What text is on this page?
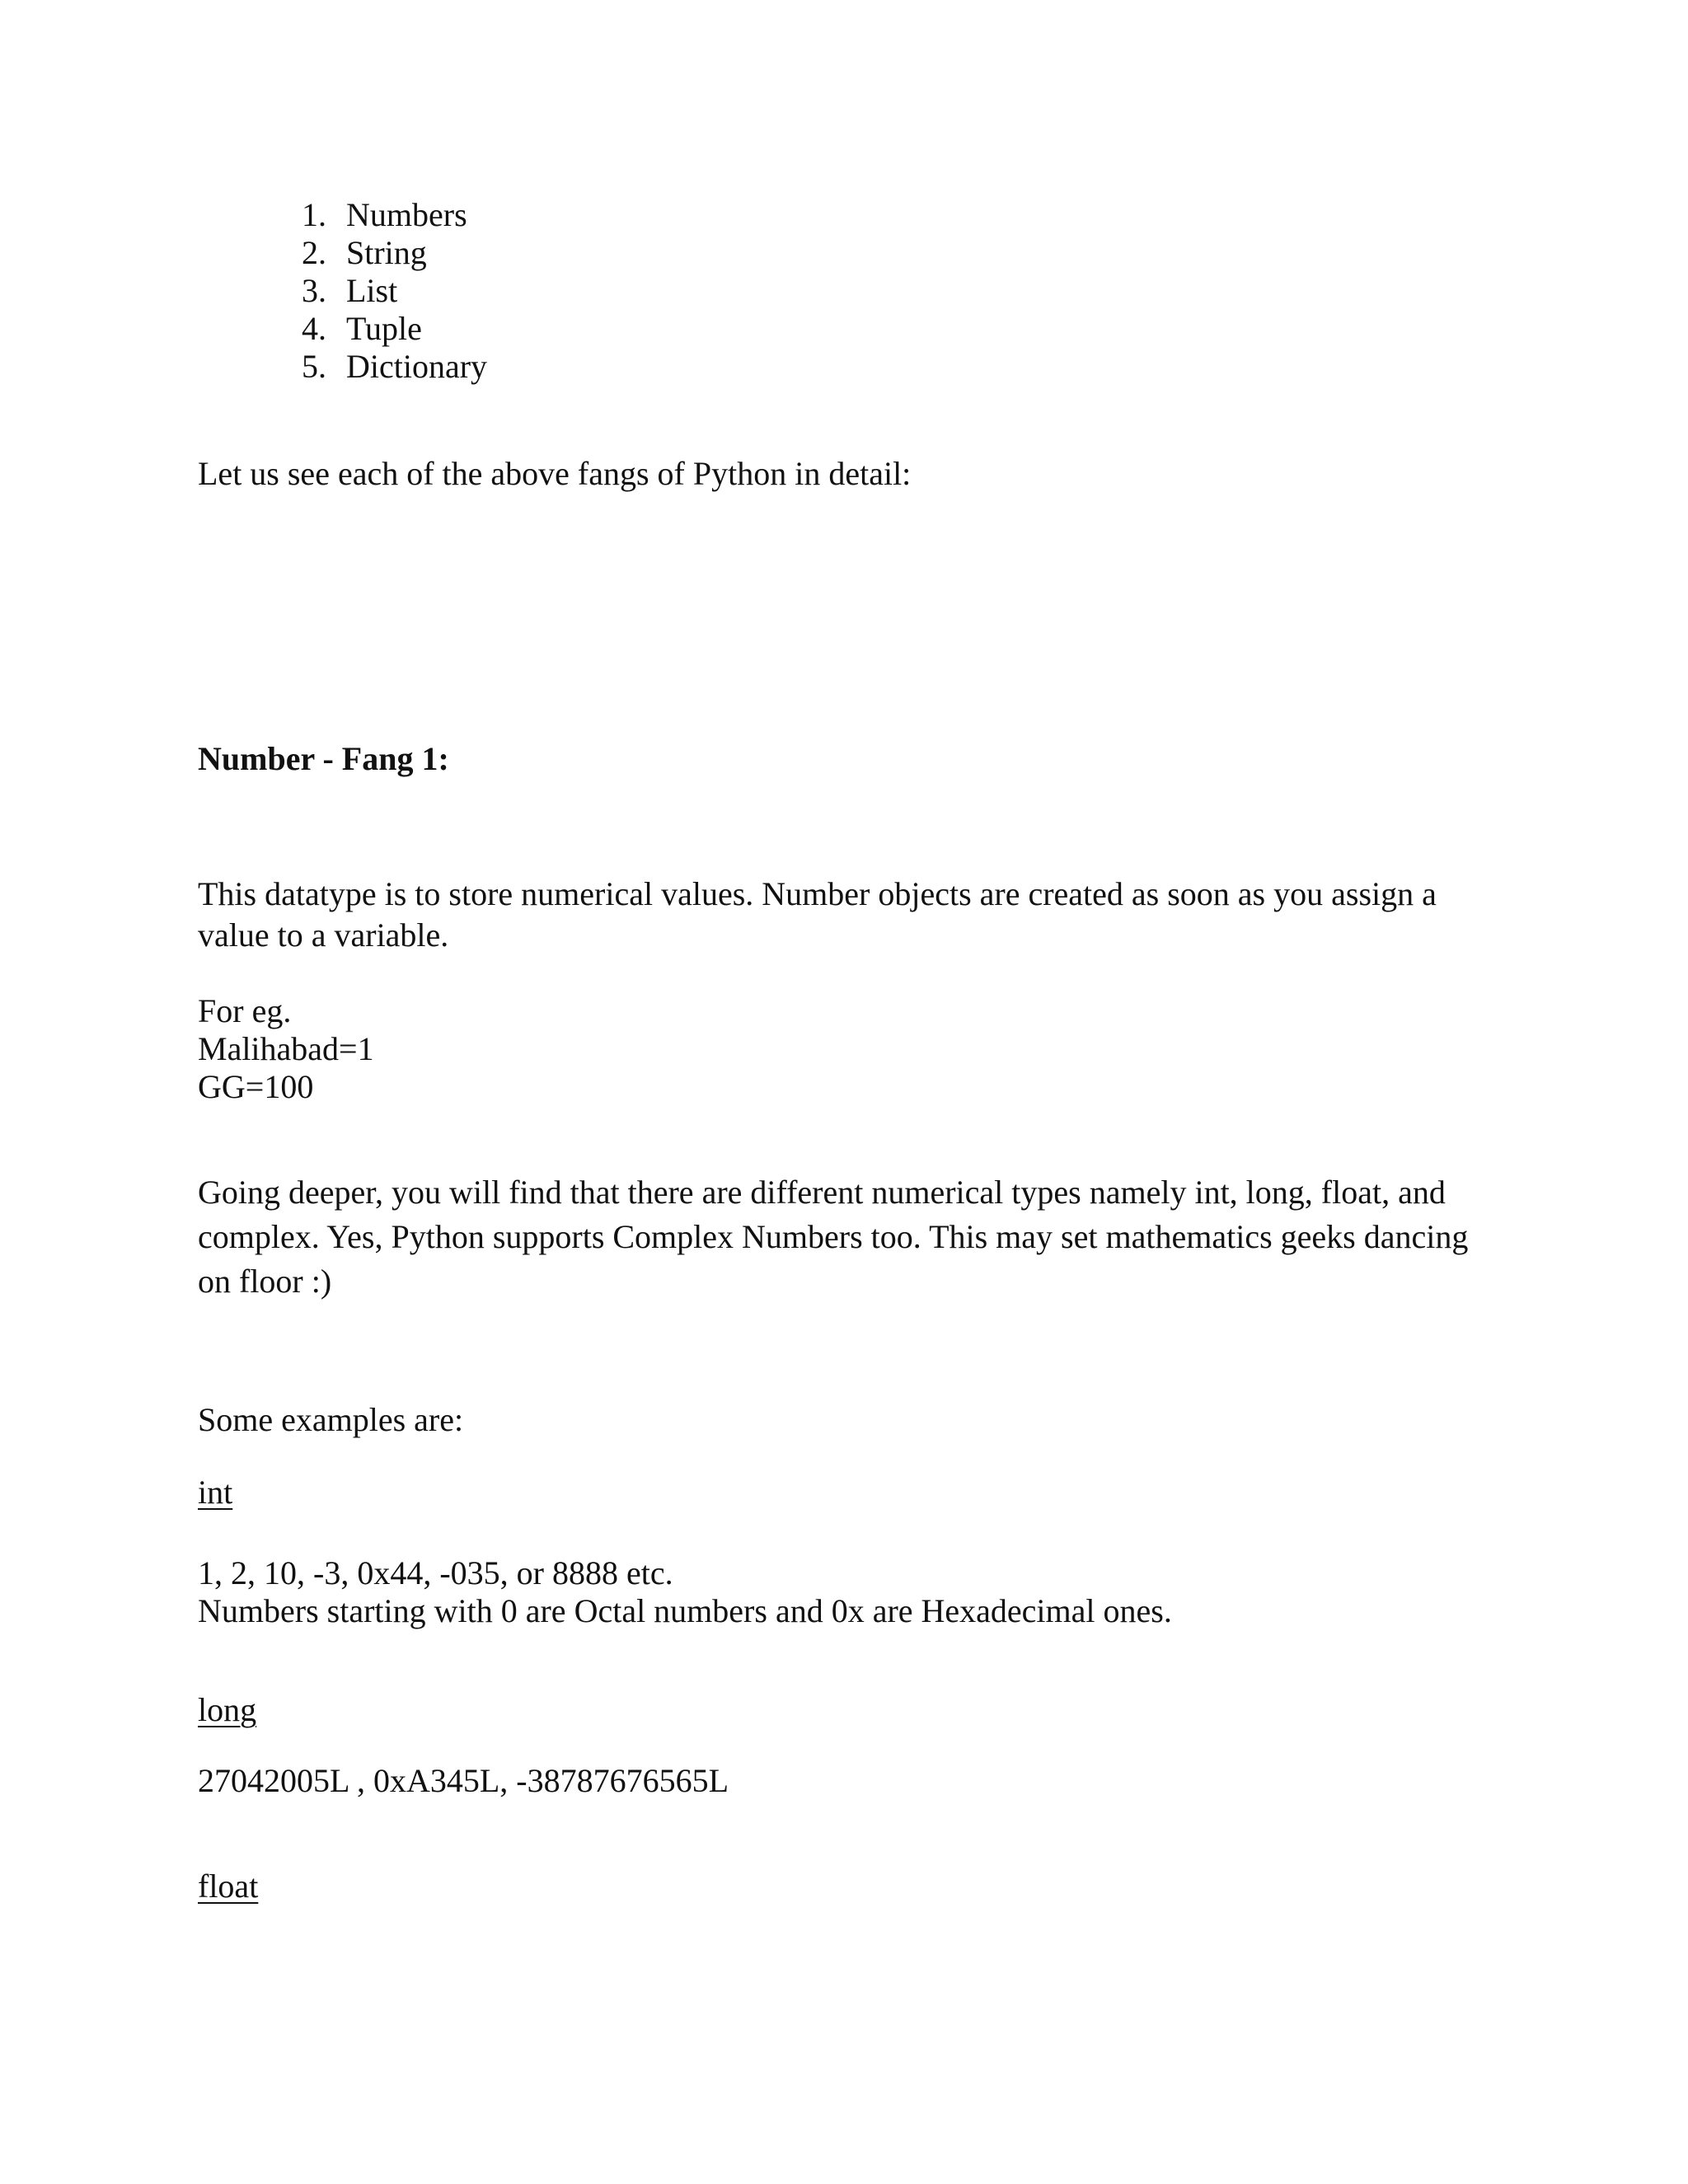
1. Numbers
2. String
3. List
4. Tuple
5. Dictionary

Let us see each of the above fangs of Python in detail:

Number - Fang 1:

This datatype is to store numerical values. Number objects are created as soon as you assign a

value to a variable.

For eg.

Malihabad=1

GG=100

Going deeper, you will find that there are different numerical types namely int, long, float, and

complex. Yes, Python supports Complex Numbers too. This may set mathematics geeks dancing

on floor :)

Some examples are:

int

1, 2, 10, -3, 0x44, -035, or 8888 etc.

Numbers starting with 0 are Octal numbers and 0x are Hexadecimal ones.

long

27042005L , 0xA345L, -38787676565L

float
